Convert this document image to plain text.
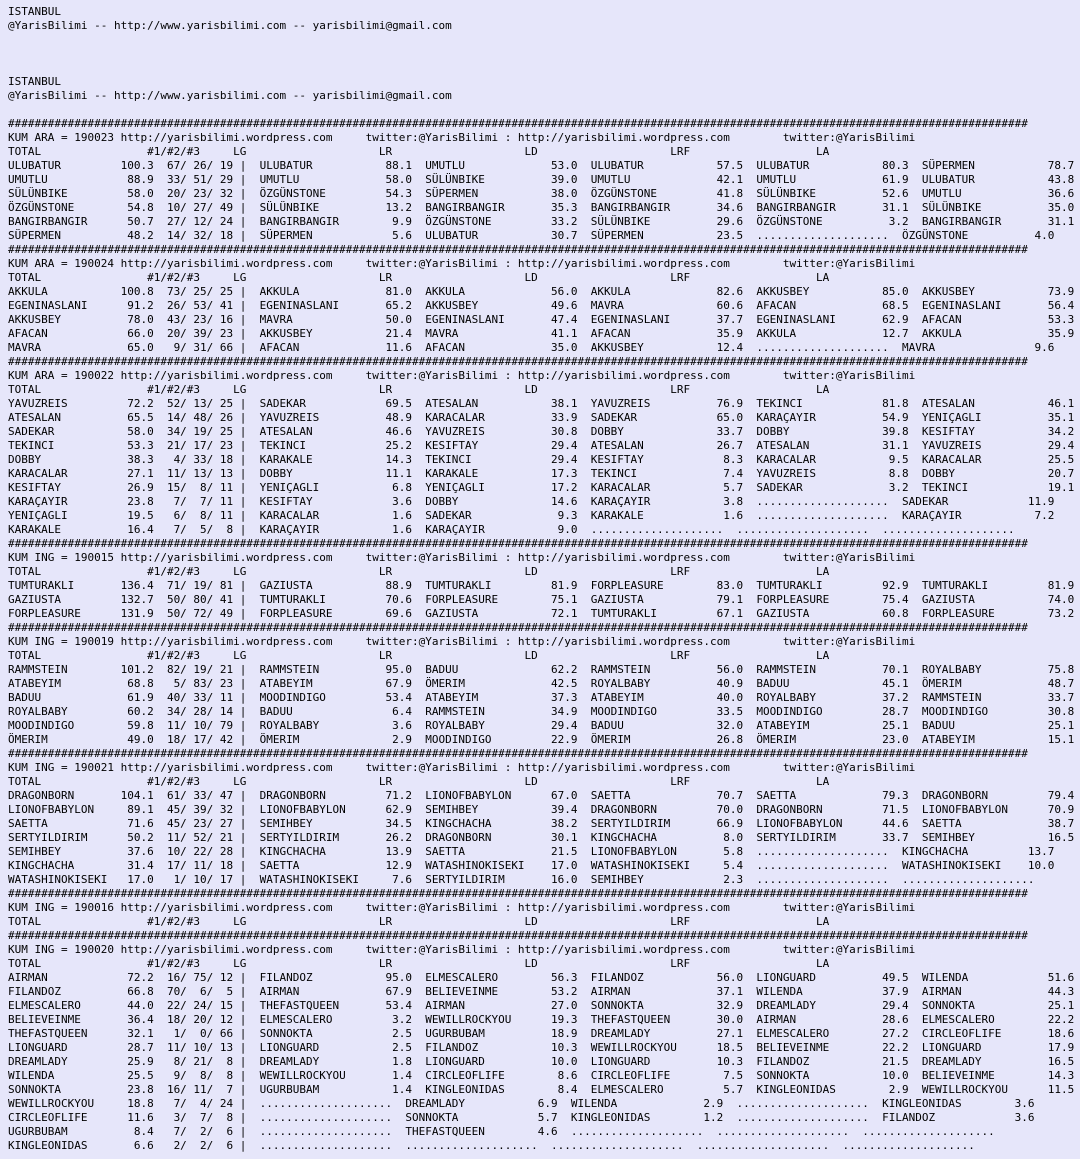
ISTANBUL
@YarisBilimi -- http://www.yarisbilimi.com -- yarisbilimi@gmail.com

ISTANBUL
@YarisBilimi -- http://www.yarisbilimi.com -- yarisbilimi@gmail.com

##########################################################################################################################################################
KUM ARA = 190023 http://yarisbilimi.wordpress.com     twitter:@YarisBilimi : http://yarisbilimi.wordpress.com        twitter:@YarisBilimi
TOTAL                #1/#2/#3     LG                    LR                    LD                    LRF                   LA
ULUBATUR         100.3  67/ 26/ 19 |  ULUBATUR           88.1  UMUTLU             53.0  ULUBATUR           57.5  ULUBATUR           80.3  SÜPERMEN           78.7
UMUTLU            88.9  33/ 51/ 29 |  UMUTLU             58.0  SÜLÜNBIKE          39.0  UMUTLU             42.1  UMUTLU             61.9  ULUBATUR           43.8
SÜLÜNBIKE         58.0  20/ 23/ 32 |  ÖZGÜNSTONE         54.3  SÜPERMEN           38.0  ÖZGÜNSTONE         41.8  SÜLÜNBIKE          52.6  UMUTLU             36.6
ÖZGÜNSTONE        54.8  10/ 27/ 49 |  SÜLÜNBIKE          13.2  BANGIRBANGIR       35.3  BANGIRBANGIR       34.6  BANGIRBANGIR       31.1  SÜLÜNBIKE          35.0
BANGIRBANGIR      50.7  27/ 12/ 24 |  BANGIRBANGIR        9.9  ÖZGÜNSTONE         33.2  SÜLÜNBIKE          29.6  ÖZGÜNSTONE          3.2  BANGIRBANGIR       31.1
SÜPERMEN          48.2  14/ 32/ 18 |  SÜPERMEN            5.6  ULUBATUR           30.7  SÜPERMEN           23.5  ....................  ÖZGÜNSTONE          4.0
##########################################################################################################################################################
KUM ARA = 190024 http://yarisbilimi.wordpress.com     twitter:@YarisBilimi : http://yarisbilimi.wordpress.com        twitter:@YarisBilimi
TOTAL                #1/#2/#3     LG                    LR                    LD                    LRF                   LA
AKKULA           100.8  73/ 25/ 25 |  AKKULA             81.0  AKKULA             56.0  AKKULA             82.6  AKKUSBEY           85.0  AKKUSBEY           73.9
EGENINASLANI      91.2  26/ 53/ 41 |  EGENINASLANI       65.2  AKKUSBEY           49.6  MAVRA              60.6  AFACAN             68.5  EGENINASLANI       56.4
AKKUSBEY          78.0  43/ 23/ 16 |  MAVRA              50.0  EGENINASLANI       47.4  EGENINASLANI       37.7  EGENINASLANI       62.9  AFACAN             53.3
AFACAN            66.0  20/ 39/ 23 |  AKKUSBEY           21.4  MAVRA              41.1  AFACAN             35.9  AKKULA             12.7  AKKULA             35.9
MAVRA             65.0   9/ 31/ 66 |  AFACAN             11.6  AFACAN             35.0  AKKUSBEY           12.4  ....................  MAVRA               9.6
##########################################################################################################################################################
KUM ARA = 190022 http://yarisbilimi.wordpress.com     twitter:@YarisBilimi : http://yarisbilimi.wordpress.com        twitter:@YarisBilimi
TOTAL                #1/#2/#3     LG                    LR                    LD                    LRF                   LA
YAVUZREIS         72.2  52/ 13/ 25 |  SADEKAR            69.5  ATESALAN           38.1  YAVUZREIS          76.9  TEKINCI            81.8  ATESALAN           46.1
ATESALAN          65.5  14/ 48/ 26 |  YAVUZREIS          48.9  KARACALAR          33.9  SADEKAR            65.0  KARAÇAYIR          54.9  YENIÇAGLI          35.1
SADEKAR           58.0  34/ 19/ 25 |  ATESALAN           46.6  YAVUZREIS          30.8  DOBBY              33.7  DOBBY              39.8  KESIFTAY           34.2
TEKINCI           53.3  21/ 17/ 23 |  TEKINCI            25.2  KESIFTAY           29.4  ATESALAN           26.7  ATESALAN           31.1  YAVUZREIS          29.4
DOBBY             38.3   4/ 33/ 18 |  KARAKALE           14.3  TEKINCI            29.4  KESIFTAY            8.3  KARACALAR           9.5  KARACALAR          25.5
KARACALAR         27.1  11/ 13/ 13 |  DOBBY              11.1  KARAKALE           17.3  TEKINCI             7.4  YAVUZREIS           8.8  DOBBY              20.7
KESIFTAY          26.9  15/  8/ 11 |  YENIÇAGLI           6.8  YENIÇAGLI          17.2  KARACALAR           5.7  SADEKAR             3.2  TEKINCI            19.1
KARAÇAYIR         23.8   7/  7/ 11 |  KESIFTAY            3.6  DOBBY              14.6  KARAÇAYIR           3.8  ....................  SADEKAR            11.9
YENIÇAGLI         19.5   6/  8/ 11 |  KARACALAR           1.6  SADEKAR             9.3  KARAKALE            1.6  ....................  KARAÇAYIR           7.2
KARAKALE          16.4   7/  5/  8 |  KARAÇAYIR           1.6  KARAÇAYIR           9.0  ....................  ....................  ....................
##########################################################################################################################################################
KUM ING = 190015 http://yarisbilimi.wordpress.com     twitter:@YarisBilimi : http://yarisbilimi.wordpress.com        twitter:@YarisBilimi
TOTAL                #1/#2/#3     LG                    LR                    LD                    LRF                   LA
TUMTURAKLI       136.4  71/ 19/ 81 |  GAZIUSTA           88.9  TUMTURAKLI         81.9  FORPLEASURE        83.0  TUMTURAKLI         92.9  TUMTURAKLI         81.9
GAZIUSTA         132.7  50/ 80/ 41 |  TUMTURAKLI         70.6  FORPLEASURE        75.1  GAZIUSTA           79.1  FORPLEASURE        75.4  GAZIUSTA           74.0
FORPLEASURE      131.9  50/ 72/ 49 |  FORPLEASURE        69.6  GAZIUSTA           72.1  TUMTURAKLI         67.1  GAZIUSTA           60.8  FORPLEASURE        73.2
##########################################################################################################################################################
KUM ING = 190019 http://yarisbilimi.wordpress.com     twitter:@YarisBilimi : http://yarisbilimi.wordpress.com        twitter:@YarisBilimi
TOTAL                #1/#2/#3     LG                    LR                    LD                    LRF                   LA
RAMMSTEIN        101.2  82/ 19/ 21 |  RAMMSTEIN          95.0  BADUU              62.2  RAMMSTEIN          56.0  RAMMSTEIN          70.1  ROYALBABY          75.8
ATABEYIM          68.8   5/ 83/ 23 |  ATABEYIM           67.9  ÖMERIM             42.5  ROYALBABY          40.9  BADUU              45.1  ÖMERIM             48.7
BADUU             61.9  40/ 33/ 11 |  MOODINDIGO         53.4  ATABEYIM           37.3  ATABEYIM           40.0  ROYALBABY          37.2  RAMMSTEIN          33.7
ROYALBABY         60.2  34/ 28/ 14 |  BADUU               6.4  RAMMSTEIN          34.9  MOODINDIGO         33.5  MOODINDIGO         28.7  MOODINDIGO         30.8
MOODINDIGO        59.8  11/ 10/ 79 |  ROYALBABY           3.6  ROYALBABY          29.4  BADUU              32.0  ATABEYIM           25.1  BADUU              25.1
ÖMERIM            49.0  18/ 17/ 42 |  ÖMERIM              2.9  MOODINDIGO         22.9  ÖMERIM             26.8  ÖMERIM             23.0  ATABEYIM           15.1
##########################################################################################################################################################
KUM ING = 190021 http://yarisbilimi.wordpress.com     twitter:@YarisBilimi : http://yarisbilimi.wordpress.com        twitter:@YarisBilimi
TOTAL                #1/#2/#3     LG                    LR                    LD                    LRF                   LA
DRAGONBORN       104.1  61/ 33/ 47 |  DRAGONBORN         71.2  LIONOFBABYLON      67.0  SAETTA             70.7  SAETTA             79.3  DRAGONBORN         79.4
LIONOFBABYLON     89.1  45/ 39/ 32 |  LIONOFBABYLON      62.9  SEMIHBEY           39.4  DRAGONBORN         70.0  DRAGONBORN         71.5  LIONOFBABYLON      70.9
SAETTA            71.6  45/ 23/ 27 |  SEMIHBEY           34.5  KINGCHACHA         38.2  SERTYILDIRIM       66.9  LIONOFBABYLON      44.6  SAETTA             38.7
SERTYILDIRIM      50.2  11/ 52/ 21 |  SERTYILDIRIM       26.2  DRAGONBORN         30.1  KINGCHACHA          8.0  SERTYILDIRIM       33.7  SEMIHBEY           16.5
SEMIHBEY          37.6  10/ 22/ 28 |  KINGCHACHA         13.9  SAETTA             21.5  LIONOFBABYLON       5.8  ....................  KINGCHACHA         13.7
KINGCHACHA        31.4  17/ 11/ 18 |  SAETTA             12.9  WATASHINOKISEKI    17.0  WATASHINOKISEKI     5.4  ....................  WATASHINOKISEKI    10.0
WATASHINOKISEKI   17.0   1/ 10/ 17 |  WATASHINOKISEKI     7.6  SERTYILDIRIM       16.0  SEMIHBEY            2.3  ....................  ....................
##########################################################################################################################################################
KUM ING = 190016 http://yarisbilimi.wordpress.com     twitter:@YarisBilimi : http://yarisbilimi.wordpress.com        twitter:@YarisBilimi
TOTAL                #1/#2/#3     LG                    LR                    LD                    LRF                   LA
##########################################################################################################################################################
KUM ING = 190020 http://yarisbilimi.wordpress.com     twitter:@YarisBilimi : http://yarisbilimi.wordpress.com        twitter:@YarisBilimi
TOTAL                #1/#2/#3     LG                    LR                    LD                    LRF                   LA
AIRMAN            72.2  16/ 75/ 12 |  FILANDOZ           95.0  ELMESCALERO        56.3  FILANDOZ           56.0  LIONGUARD          49.5  WILENDA            51.6
FILANDOZ          66.8  70/  6/  5 |  AIRMAN             67.9  BELIEVEINME        53.2  AIRMAN             37.1  WILENDA            37.9  AIRMAN             44.3
ELMESCALERO       44.0  22/ 24/ 15 |  THEFASTQUEEN       53.4  AIRMAN             27.0  SONNOKTA           32.9  DREAMLADY          29.4  SONNOKTA           25.1
BELIEVEINME       36.4  18/ 20/ 12 |  ELMESCALERO         3.2  WEWILLROCKYOU      19.3  THEFASTQUEEN       30.0  AIRMAN             28.6  ELMESCALERO        22.2
THEFASTQUEEN      32.1   1/  0/ 66 |  SONNOKTA            2.5  UGURBUBAM          18.9  DREAMLADY          27.1  ELMESCALERO        27.2  CIRCLEOFLIFE       18.6
LIONGUARD         28.7  11/ 10/ 13 |  LIONGUARD           2.5  FILANDOZ           10.3  WEWILLROCKYOU      18.5  BELIEVEINME        22.2  LIONGUARD          17.9
DREAMLADY         25.9   8/ 21/  8 |  DREAMLADY           1.8  LIONGUARD          10.0  LIONGUARD          10.3  FILANDOZ           21.5  DREAMLADY          16.5
WILENDA           25.5   9/  8/  8 |  WEWILLROCKYOU       1.4  CIRCLEOFLIFE        8.6  CIRCLEOFLIFE        7.5  SONNOKTA           10.0  BELIEVEINME        14.3
SONNOKTA          23.8  16/ 11/  7 |  UGURBUBAM           1.4  KINGLEONIDAS        8.4  ELMESCALERO         5.7  KINGLEONIDAS        2.9  WEWILLROCKYOU      11.5
WEWILLROCKYOU     18.8   7/  4/ 24 |  ....................  DREAMLADY           6.9  WILENDA             2.9  ....................  KINGLEONIDAS        3.6
CIRCLEOFLIFE      11.6   3/  7/  8 |  ....................  SONNOKTA            5.7  KINGLEONIDAS        1.2  ....................  FILANDOZ            3.6
UGURBUBAM          8.4   7/  2/  6 |  ....................  THEFASTQUEEN        4.6  ....................  ....................  ....................
KINGLEONIDAS       6.6   2/  2/  6 |  ....................  ....................  ....................  ....................  ....................
